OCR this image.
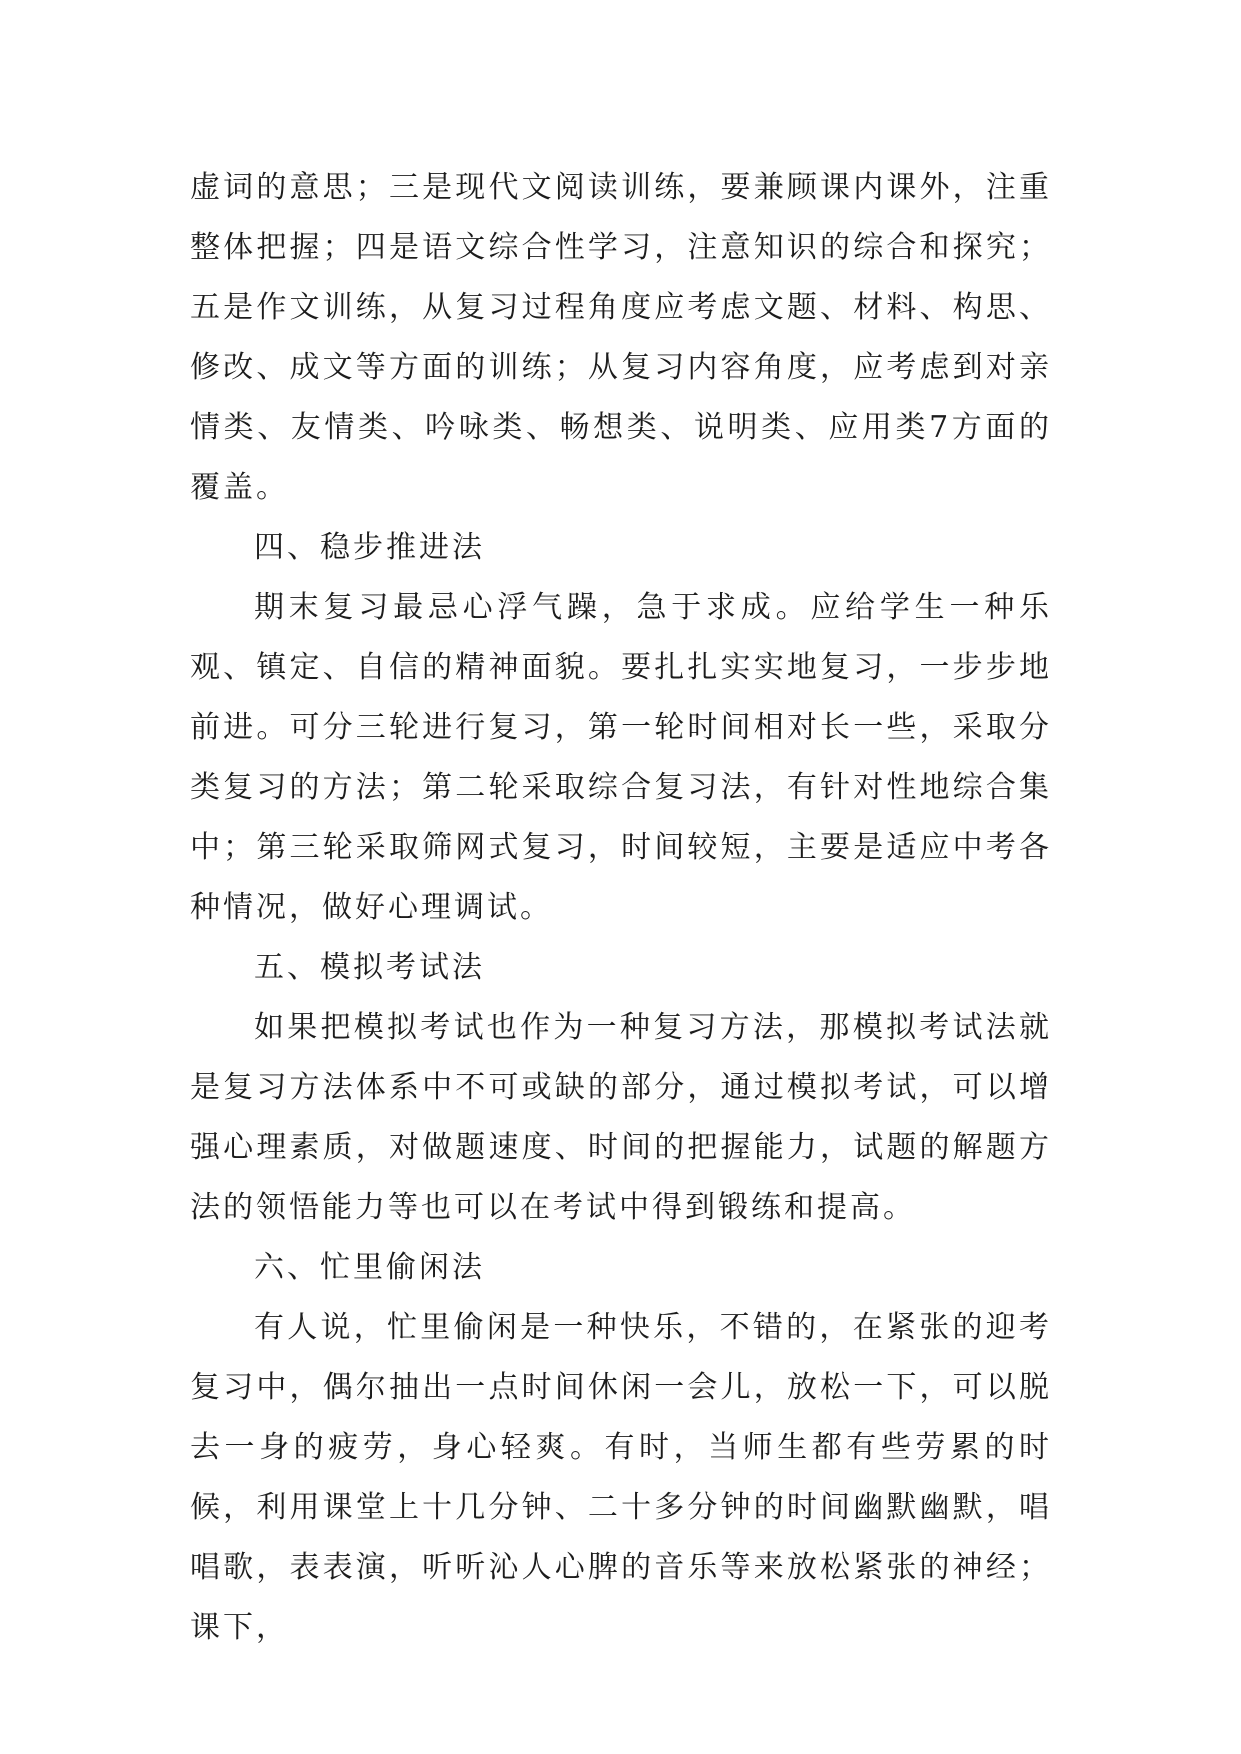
虚词的意思；三是现代文阅读训练，要兼顾课内课外，注重整体把握；四是语文综合性学习，注意知识的综合和探究；五是作文训练，从复习过程角度应考虑文题、材料、构思、修改、成文等方面的训练；从复习内容角度，应考虑到对亲情类、友情类、吟咏类、畅想类、说明类、应用类7方面的覆盖。

四、稳步推进法

期末复习最忌心浮气躁，急于求成。应给学生一种乐观、镇定、自信的精神面貌。要扎扎实实地复习，一步步地前进。可分三轮进行复习，第一轮时间相对长一些，采取分类复习的方法；第二轮采取综合复习法，有针对性地综合集中；第三轮采取筛网式复习，时间较短，主要是适应中考各种情况，做好心理调试。

五、模拟考试法

如果把模拟考试也作为一种复习方法，那模拟考试法就是复习方法体系中不可或缺的部分，通过模拟考试，可以增强心理素质，对做题速度、时间的把握能力，试题的解题方法的领悟能力等也可以在考试中得到锻练和提高。

六、忙里偷闲法

有人说，忙里偷闲是一种快乐，不错的，在紧张的迎考复习中，偶尔抽出一点时间休闲一会儿，放松一下，可以脱去一身的疲劳，身心轻爽。有时，当师生都有些劳累的时候，利用课堂上十几分钟、二十多分钟的时间幽默幽默，唱唱歌，表表演，听听沁人心脾的音乐等来放松紧张的神经；课下，
